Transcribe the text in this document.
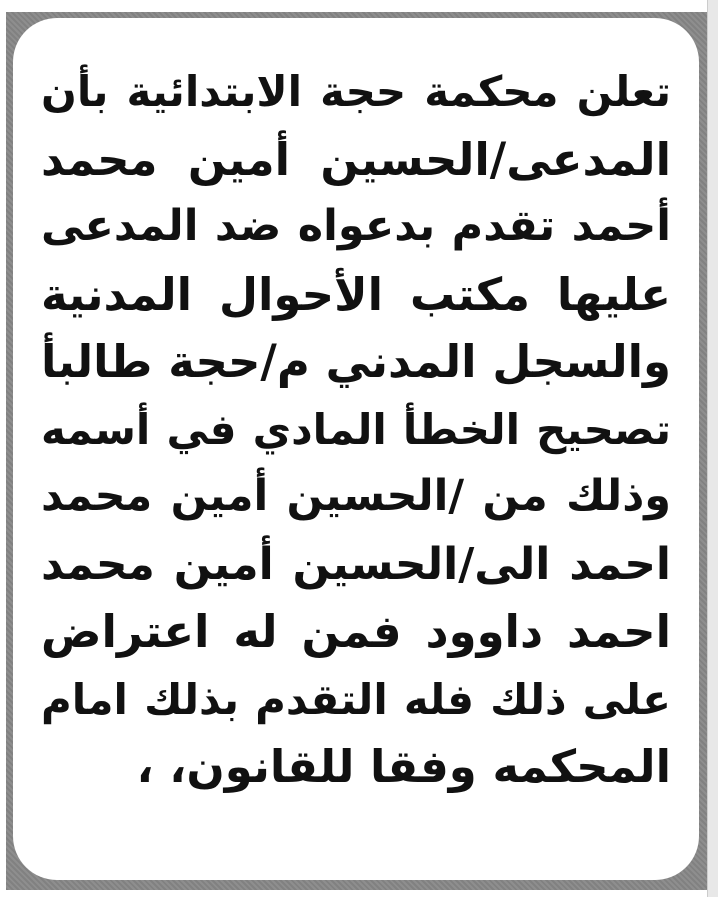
تعلن محكمة حجة الابتدائية بأن
المدعى/الحسين أمين محمد
أحمد تقدم بدعواه ضد المدعى
عليها مكتب الأحوال المدنية
والسجل المدني م/حجة طالبأ
تصحيح الخطأ المادي في أسمه
وذلك من /الحسين أمين محمد
احمد الى/الحسين أمين محمد
احمد داوود فمن له اعتراض
على ذلك فله التقدم بذلك امام
المحكمه وفقا للقانون، ،
